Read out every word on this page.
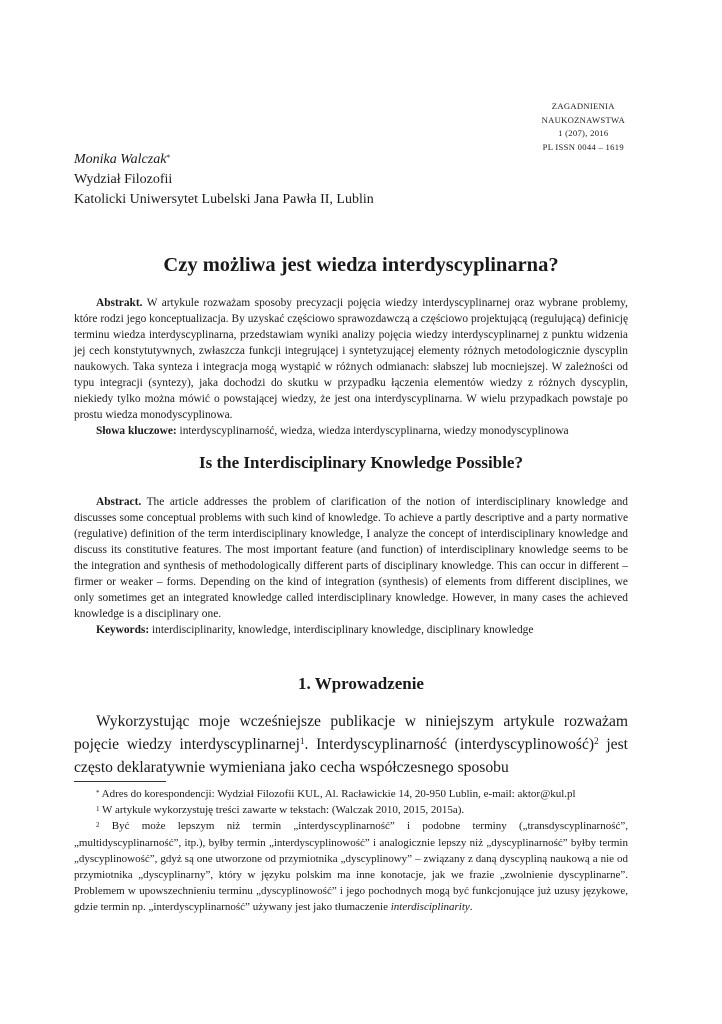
ZAGADNIENIA
NAUKOZNAWSTWA
1 (207), 2016
PL ISSN 0044 – 1619
Monika Walczak*
Wydział Filozofii
Katolicki Uniwersytet Lubelski Jana Pawła II, Lublin
Czy możliwa jest wiedza interdyscyplinarna?

Abstrakt. W artykule rozważam sposoby precyzacji pojęcia wiedzy interdyscyplinarnej oraz wybrane problemy, które rodzi jego konceptualizacja. By uzyskać częściowo sprawozdawczą a częściowo projektującą (regulującą) definicję terminu wiedza interdyscyplinarna, przedstawiam wyniki analizy pojęcia wiedzy interdyscyplinarnej z punktu widzenia jej cech konstytutywnych, zwłaszcza funkcji integrującej i syntetyzującej elementy różnych metodologicznie dyscyplin naukowych. Taka synteza i integracja mogą wystąpić w różnych odmianach: słabszej lub mocniejszej. W zależności od typu integracji (syntezy), jaka dochodzi do skutku w przypadku łączenia elementów wiedzy z różnych dyscyplin, niekiedy tylko można mówić o powstającej wiedzy, że jest ona interdyscyplinarna. W wielu przypadkach powstaje po prostu wiedza monodyscyplinowa.

Słowa kluczowe: interdyscyplinarność, wiedza, wiedza interdyscyplinarna, wiedzy monodyscyplinowa

Is the Interdisciplinary Knowledge Possible?

Abstract. The article addresses the problem of clarification of the notion of interdisciplinary knowledge and discusses some conceptual problems with such kind of knowledge. To achieve a partly descriptive and a party normative (regulative) definition of the term interdisciplinary knowledge, I analyze the concept of interdisciplinary knowledge and discuss its constitutive features. The most important feature (and function) of interdisciplinary knowledge seems to be the integration and synthesis of methodologically different parts of disciplinary knowledge. This can occur in different – firmer or weaker – forms. Depending on the kind of integration (synthesis) of elements from different disciplines, we only sometimes get an integrated knowledge called interdisciplinary knowledge. However, in many cases the achieved knowledge is a disciplinary one.

Keywords: interdisciplinarity, knowledge, interdisciplinary knowledge, disciplinary knowledge

1. Wprowadzenie

Wykorzystując moje wcześniejsze publikacje w niniejszym artykule rozważam pojęcie wiedzy interdyscyplinarnej$^1$. Interdyscyplinarność (interdyscyplinowość)$^2$ jest często deklaratywnie wymieniana jako cecha współczesnego sposobu

* Adres do korespondencji: Wydział Filozofii KUL, Al. Racławickie 14, 20-950 Lublin, e-mail: aktor@kul.pl

$^1$ W artykule wykorzystuję treści zawarte w tekstach: (Walczak 2010, 2015, 2015a).

$^2$ Być może lepszym niż termin „interdyscyplinarność” i podobne terminy („transdyscyplinarność”, „multidyscyplinarność”, itp.), byłby termin „interdyscyplinowość” i analogicznie lepszy niż „dyscyplinarność” byłby termin „dyscyplinowość”, gdyż są one utworzone od przymiotnika „dyscyplinowy” – związany z daną dyscypliną naukową a nie od przymiotnika „dyscyplinarny”, który w języku polskim ma inne konotacje, jak we frazie „zwolnienie dyscyplinarne”. Problemem w upowszechnieniu terminu „dyscyplinowość” i jego pochodnych mogą być funkcjonujące już uzusy językowe, gdzie termin np. „interdyscyplinarność” używany jest jako tłumaczenie interdisciplinarity.
